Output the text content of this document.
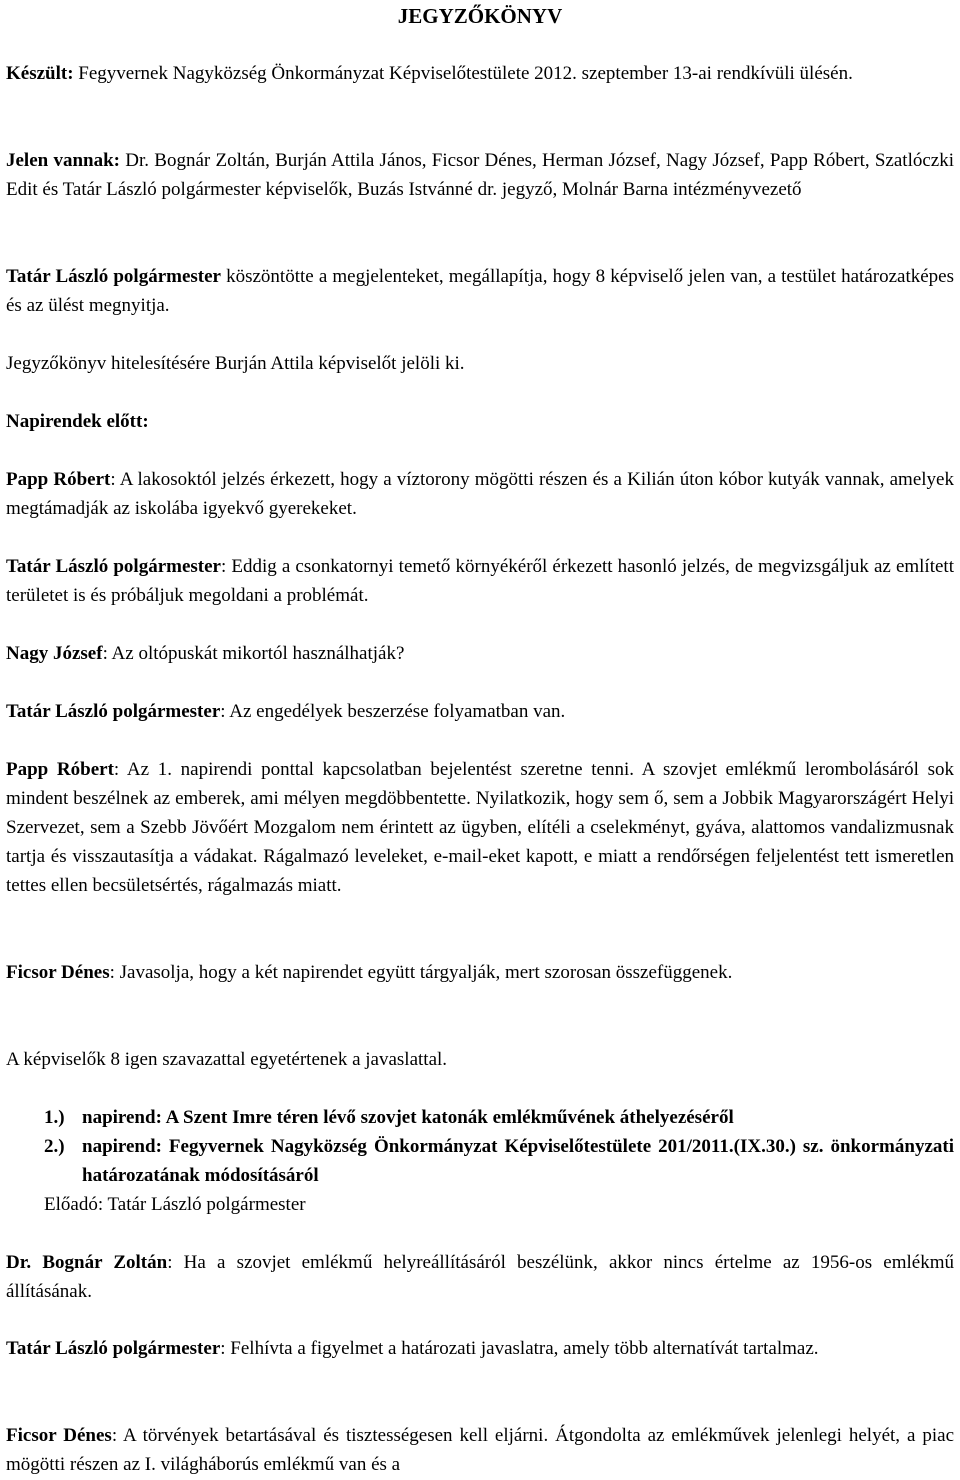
JEGYZŐKÖNYV

Készült: Fegyvernek Nagyközség Önkormányzat Képviselőtestülete 2012. szeptember 13-ai rendkívüli ülésén.

Jelen vannak: Dr. Bognár Zoltán, Burján Attila János, Ficsor Dénes, Herman József, Nagy József, Papp Róbert, Szatlóczki Edit és Tatár László polgármester képviselők, Buzás Istvánné dr. jegyző, Molnár Barna intézményvezető

Tatár László polgármester köszöntötte a megjelenteket, megállapítja, hogy 8 képviselő jelen van, a testület határozatképes és az ülést megnyitja.

Jegyzőkönyv hitelesítésére Burján Attila képviselőt jelöli ki.

Napirendek előtt:

Papp Róbert: A lakosoktól jelzés érkezett, hogy a víztorony mögötti részen és a Kilián úton kóbor kutyák vannak, amelyek megtámadják az iskolába igyekvő gyerekeket.

Tatár László polgármester: Eddig a csonkatornyi temető környékéről érkezett hasonló jelzés, de megvizsgáljuk az említett területet is és próbáljuk megoldani a problémát.

Nagy József: Az oltópuskát mikortól használhatják?

Tatár László polgármester: Az engedélyek beszerzése folyamatban van.

Papp Róbert: Az 1. napirendi ponttal kapcsolatban bejelentést szeretne tenni. A szovjet emlékmű lerombolásáról sok mindent beszélnek az emberek, ami mélyen megdöbbentette. Nyilatkozik, hogy sem ő, sem a Jobbik Magyarországért Helyi Szervezet, sem a Szebb Jövőért Mozgalom nem érintett az ügyben, elítéli a cselekményt, gyáva, alattomos vandalizmusnak tartja és visszautasítja a vádakat. Rágalmazó leveleket, e-mail-eket kapott, e miatt a rendőrségen feljelentést tett ismeretlen tettes ellen becsületsértés, rágalmazás miatt.

Ficsor Dénes: Javasolja, hogy a két napirendet együtt tárgyalják, mert szorosan összefüggenek.

A képviselők 8 igen szavazattal egyetértenek a javaslattal.

1.) napirend: A Szent Imre téren lévő szovjet katonák emlékművének áthelyezéséről
2.) napirend: Fegyvernek Nagyközség Önkormányzat Képviselőtestülete 201/2011.(IX.30.) sz. önkormányzati határozatának módosításáról
Előadó: Tatár László polgármester

Dr. Bognár Zoltán: Ha a szovjet emlékmű helyreállításáról beszélünk, akkor nincs értelme az 1956-os emlékmű állításának.

Tatár László polgármester: Felhívta a figyelmet a határozati javaslatra, amely több alternatívát tartalmaz.

Ficsor Dénes: A törvények betartásával és tisztességesen kell eljárni. Átgondolta az emlékművek jelenlegi helyét, a piac mögötti részen az I. világháborús emlékmű van és a
